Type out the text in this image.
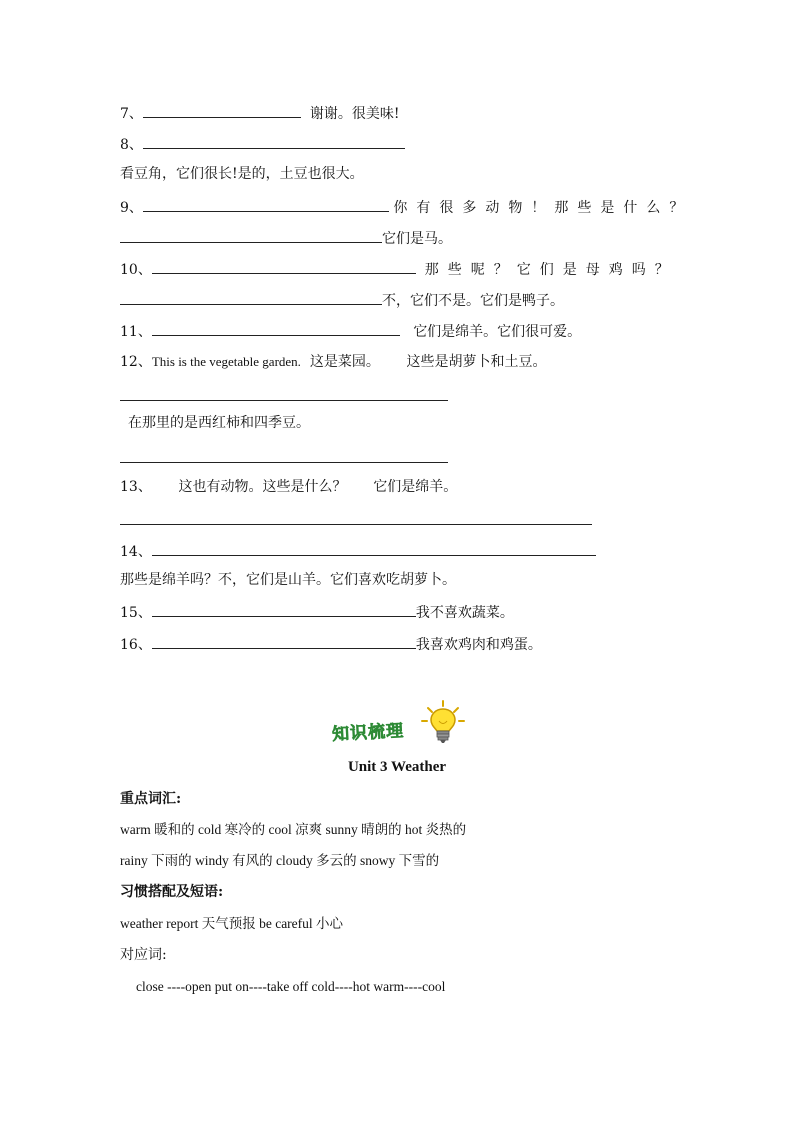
7、	谢谢。很美味!
8、
看豆角，它们很长!是的，土豆也很大。
9、	你有很多动物！那些是什么？
它们是马。
10、	那些呢？它们是母鸡吗？
不，它们不是。它们是鸭子。
11、	它们是绵羊。它们很可爱。
12、This is the vegetable garden. 这是菜园。 这些是胡萝卜和土豆。
在那里的是西红柿和四季豆。
13、 这也有动物。这些是什么？ 它们是绵羊。
14、
那些是绵羊吗？不，它们是山羊。它们喜欢吃胡萝卜。
15、	我不喜欢蔬菜。
16、	我喜欢鸡肉和鸡蛋。
知识梳理
Unit 3 Weather
重点词汇:
warm 暖和的 cold 寒冷的 cool 凉爽 sunny 晴朗的 hot 炎热的
rainy 下雨的 windy 有风的 cloudy 多云的 snowy 下雪的
习惯搭配及短语:
weather report 天气预报 be careful 小心
对应词:
close ----open put on----take off cold----hot warm----cool
